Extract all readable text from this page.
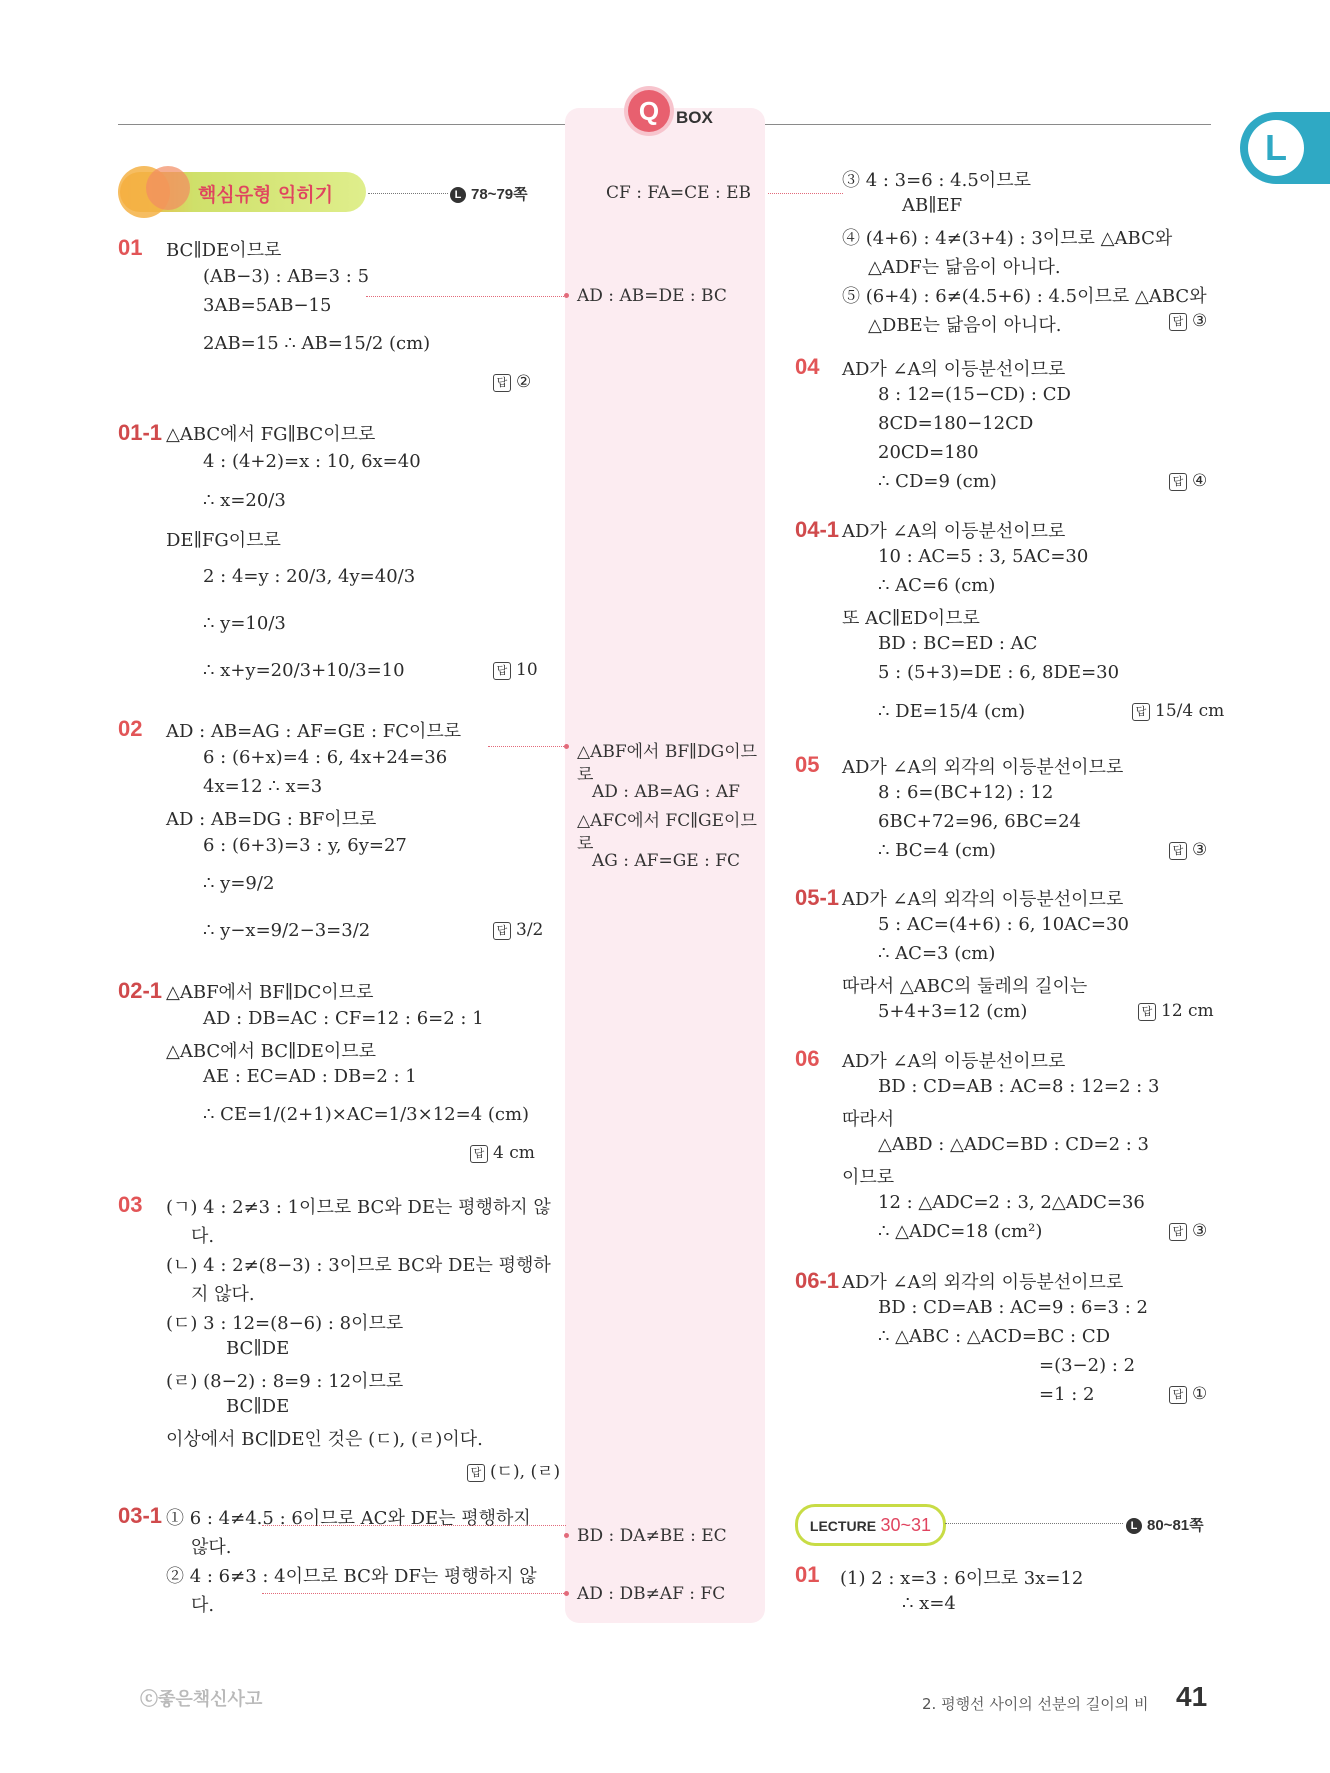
Q BOX
L
핵심유형 익히기	L 78~79쪽
01 BC∥DE이므로
(AB−3) : AB=3 : 5
3AB=5AB−15
2AB=15 ∴ AB=15/2 (cm)
답 ②
01-1 △ABC에서 FG∥BC이므로
4 : (4+2)=x : 10, 6x=40
∴ x=20/3
DE∥FG이므로
2 : 4=y : 20/3, 4y=40/3
∴ y=10/3
∴ x+y=20/3+10/3=10	답 10
02 AD : AB=AG : AF=GE : FC이므로
6 : (6+x)=4 : 6, 4x+24=36
4x=12 ∴ x=3
AD : AB=DG : BF이므로
6 : (6+3)=3 : y, 6y=27
∴ y=9/2
∴ y−x=9/2−3=3/2	답 3/2
02-1 △ABF에서 BF∥DC이므로
AD : DB=AC : CF=12 : 6=2 : 1
△ABC에서 BC∥DE이므로
AE : EC=AD : DB=2 : 1
∴ CE=1/(2+1)×AC=1/3×12=4 (cm)
답 4 cm
03 (ㄱ) 4 : 2≠3 : 1이므로 BC와 DE는 평행하지 않
다.
(ㄴ) 4 : 2≠(8−3) : 3이므로 BC와 DE는 평행하
지 않다.
(ㄷ) 3 : 12=(8−6) : 8이므로
BC∥DE
(ㄹ) (8−2) : 8=9 : 12이므로
BC∥DE
이상에서 BC∥DE인 것은 (ㄷ), (ㄹ)이다.
답 (ㄷ), (ㄹ)
03-1 ① 6 : 4≠4.5 : 6이므로 AC와 DE는 평행하지
않다.
② 4 : 6≠3 : 4이므로 BC와 DF는 평행하지 않
다.
CF : FA=CE : EB
AD : AB=DE : BC
△ABF에서 BF∥DG이므
로
AD : AB=AG : AF
△AFC에서 FC∥GE이므
로
AG : AF=GE : FC
BD : DA≠BE : EC
AD : DB≠AF : FC
③ 4 : 3=6 : 4.5이므로
AB∥EF
④ (4+6) : 4≠(3+4) : 3이므로 △ABC와
△ADF는 닮음이 아니다.
⑤ (6+4) : 6≠(4.5+6) : 4.5이므로 △ABC와
△DBE는 닮음이 아니다.	답 ③
04 AD가 ∠A의 이등분선이므로
8 : 12=(15−CD) : CD
8CD=180−12CD
20CD=180
∴ CD=9 (cm)	답 ④
04-1 AD가 ∠A의 이등분선이므로
10 : AC=5 : 3, 5AC=30
∴ AC=6 (cm)
또 AC∥ED이므로
BD : BC=ED : AC
5 : (5+3)=DE : 6, 8DE=30
∴ DE=15/4 (cm)	답 15/4 cm
05 AD가 ∠A의 외각의 이등분선이므로
8 : 6=(BC+12) : 12
6BC+72=96, 6BC=24
∴ BC=4 (cm)	답 ③
05-1 AD가 ∠A의 외각의 이등분선이므로
5 : AC=(4+6) : 6, 10AC=30
∴ AC=3 (cm)
따라서 △ABC의 둘레의 길이는
5+4+3=12 (cm)	답 12 cm
06 AD가 ∠A의 이등분선이므로
BD : CD=AB : AC=8 : 12=2 : 3
따라서
△ABD : △ADC=BD : CD=2 : 3
이므로
12 : △ADC=2 : 3, 2△ADC=36
∴ △ADC=18 (cm²)	답 ③
06-1 AD가 ∠A의 외각의 이등분선이므로
BD : CD=AB : AC=9 : 6=3 : 2
∴ △ABC : △ACD=BC : CD
=(3−2) : 2
=1 : 2	답 ①
LECTURE 30~31	L 80~81쪽
01 (1) 2 : x=3 : 6이므로 3x=12
∴ x=4
ⓒ좋은책신사고	2. 평행선 사이의 선분의 길이의 비 41
